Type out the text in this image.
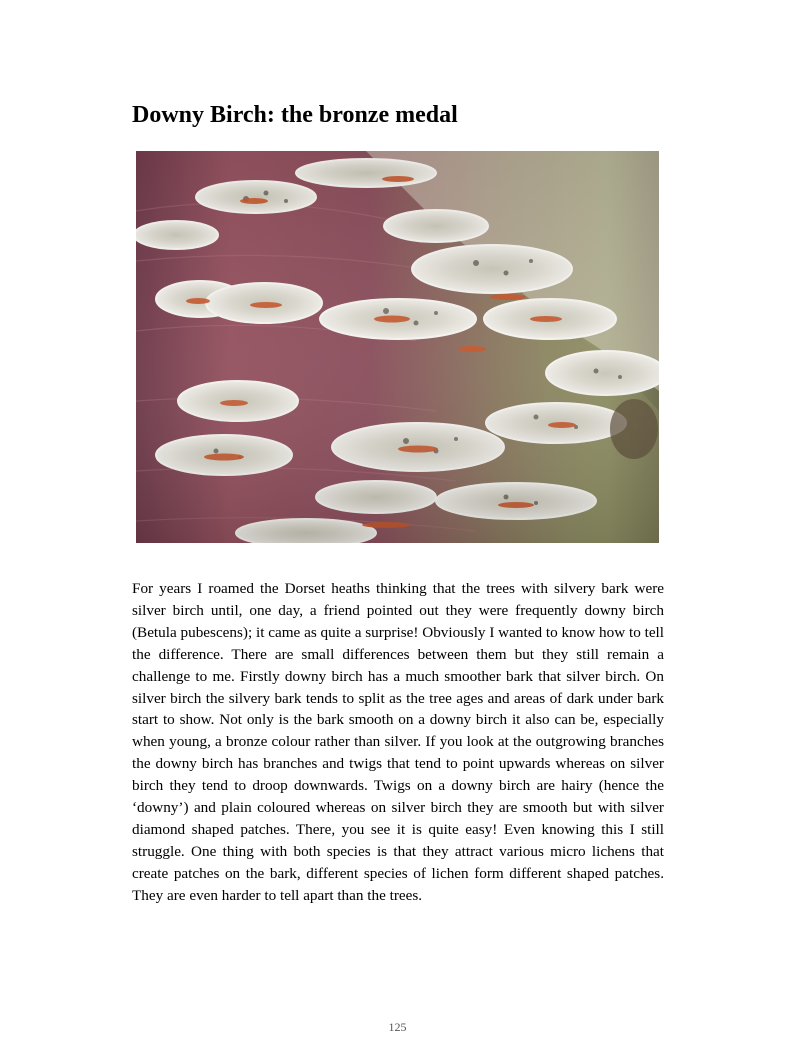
Downy Birch: the bronze medal

For years I roamed the Dorset heaths thinking that the trees with silvery bark were silver birch until, one day, a friend pointed out they were frequently downy birch (Betula pubescens); it came as quite a surprise! Obviously I wanted to know how to tell the difference. There are small differences between them but they still remain a challenge to me. Firstly downy birch has a much smoother bark that silver birch. On silver birch the silvery bark tends to split as the tree ages and areas of dark under bark start to show. Not only is the bark smooth on a downy birch it also can be, especially when young, a bronze colour rather than silver. If you look at the outgrowing branches the downy birch has branches and twigs that tend to point upwards whereas on silver birch they tend to droop downwards. Twigs on a downy birch are hairy (hence the ‘downy’) and plain coloured whereas on silver birch they are smooth but with silver diamond shaped patches. There, you see it is quite easy! Even knowing this I still struggle. One thing with both species is that they attract various micro lichens that create patches on the bark, different species of lichen form different shaped patches. They are even harder to tell apart than the trees.

125
